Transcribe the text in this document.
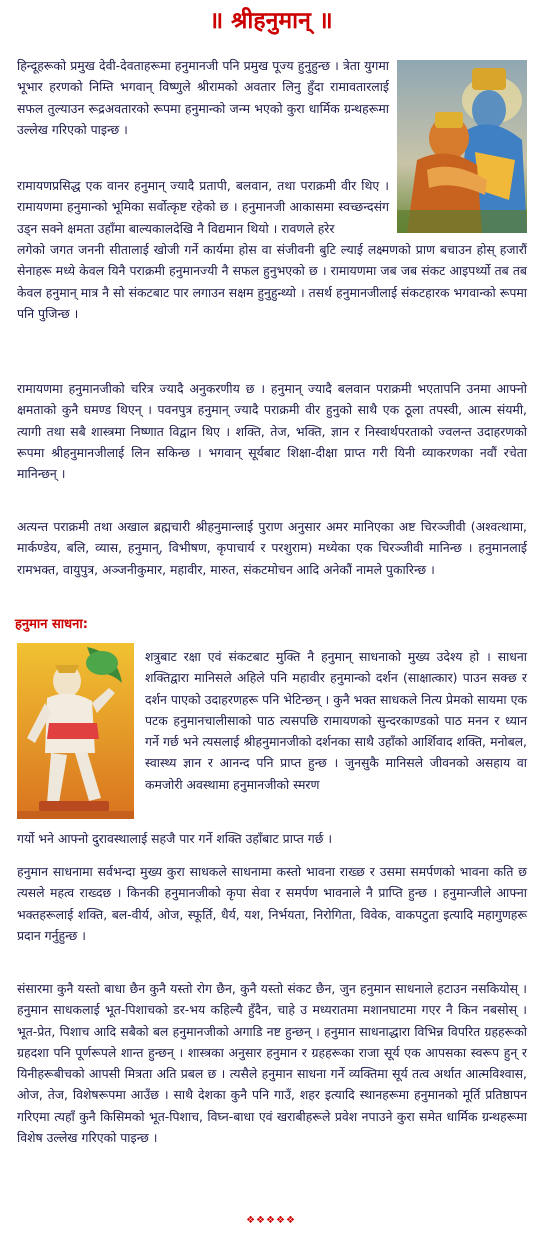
॥ श्रीहनुमान् ॥

हिन्दूहरूको प्रमुख देवी-देवताहरूमा हनुमानजी पनि प्रमुख पूज्य हुनुहुन्छ । त्रेता युगमा भूभार हरणको निम्ति भगवान् विष्णुले श्रीरामको अवतार लिनु हुँदा रामावतारलाई सफल तुल्याउन रूद्रअवतारको रूपमा हनुमान्को जन्म भएको कुरा धार्मिक ग्रन्थहरूमा उल्लेख गरिएको पाइन्छ ।

रामायणप्रसिद्ध एक वानर हनुमान् ज्यादै प्रतापी, बलवान, तथा पराक्रमी वीर थिए । रामायणमा हनुमान्को भूमिका सर्वोत्कृष्ट रहेको छ । हनुमानजी आकासमा स्वच्छन्दसंग उड्न सक्ने क्षमता उहाँमा बाल्यकालदेखि नै विद्यमान थियो । रावणले हरेर

लगेको जगत जननी सीतालाई खोजी गर्ने कार्यमा होस वा संजीवनी बुटि ल्याई लक्ष्मणको प्राण बचाउन होस् हजारौं सेनाहरू मध्ये केवल यिनै पराक्रमी हनुमानज्यी नै सफल हुनुभएको छ । रामायणमा जब जब संकट आइपर्थ्यो तब तब केवल हनुमान् मात्र नै सो संकटबाट पार लगाउन सक्षम हुनुहुन्थ्यो । तसर्थ हनुमानजीलाई संकटहारक भगवान्को रूपमा पनि पुजिन्छ ।

रामायणमा हनुमानजीको चरित्र ज्यादै अनुकरणीय छ । हनुमान् ज्यादै बलवान पराक्रमी भएतापनि उनमा आफ्नो क्षमताको कुनै घमण्ड थिएन् । पवनपुत्र हनुमान् ज्यादै पराक्रमी वीर हुनुको साथै एक ठूला तपस्वी, आत्म संयमी, त्यागी तथा सबै शास्त्रमा निष्णात विद्वान थिए । शक्ति, तेज, भक्ति, ज्ञान र निस्वार्थपरताको ज्वलन्त उदाहरणको रूपमा श्रीहनुमानजीलाई लिन सकिन्छ । भगवान् सूर्यबाट शिक्षा-दीक्षा प्राप्त गरी यिनी व्याकरणका नवौं रचेता मानिन्छन् ।

अत्यन्त पराक्रमी तथा अखाल ब्रह्मचारी श्रीहनुमान्लाई पुराण अनुसार अमर मानिएका अष्ट चिरञ्जीवी (अश्वत्थामा, मार्कण्डेय, बलि, व्यास, हनुमान्, विभीषण, कृपाचार्य र परशुराम) मध्येका एक चिरञ्जीवी मानिन्छ । हनुमानलाई रामभक्त, वायुपुत्र, अञ्जनीकुमार, महावीर, मारुत, संकटमोचन आदि अनेकौं नामले पुकारिन्छ ।

हनुमान साधना:

शत्रुबाट रक्षा एवं संकटबाट मुक्ति नै हनुमान् साधनाको मुख्य उदेश्य हो । साधना शक्तिद्वारा मानिसले अहिले पनि महावीर हनुमान्को दर्शन (साक्षात्कार) पाउन सक्छ र दर्शन पाएको उदाहरणहरू पनि भेटिन्छन् । कुनै भक्त साधकले नित्य प्रेमको सायमा एक पटक हनुमानचालीसाको पाठ त्यसपछि रामायणको सुन्दरकाण्डको पाठ मनन र ध्यान गर्ने गर्छ भने त्यसलाई श्रीहनुमानजीको दर्शनका साथै उहाँको आर्शिवाद शक्ति, मनोबल, स्वास्थ्य ज्ञान र आनन्द पनि प्राप्त हुन्छ । जुनसुकै मानिसले जीवनको असहाय वा कमजोरी अवस्थामा हनुमानजीको स्मरण

गर्यो भने आफ्नो दुरावस्थालाई सहजै पार गर्ने शक्ति उहाँबाट प्राप्त गर्छ ।

हनुमान साधनामा सर्वभन्दा मुख्य कुरा साधकले साधनामा कस्तो भावना राख्छ र उसमा समर्पणको भावना कति छ त्यसले महत्व राख्दछ । किनकी हनुमानजीको कृपा सेवा र समर्पण भावनाले नै प्राप्ति हुन्छ । हनुमान्जीले आफ्ना भक्तहरूलाई शक्ति, बल-वीर्य, ओज, स्फूर्ति, धैर्य, यश, निर्भयता, निरोगिता, विवेक, वाकपटुता इत्यादि महागुणहरू प्रदान गर्नुहुन्छ ।

संसारमा कुनै यस्तो बाधा छैन कुनै यस्तो रोग छैन, कुनै यस्तो संकट छैन, जुन हनुमान साधनाले हटाउन नसकियोस् । हनुमान साधकलाई भूत-पिशाचको डर-भय कहिल्यै हुँदैन, चाहे उ मध्यरातमा मशानघाटमा गएर नै किन नबसोस् । भूत-प्रेत, पिशाच आदि सबैको बल हनुमानजीको अगाडि नष्ट हुन्छन् । हनुमान साधनाद्धारा विभिन्न विपरित ग्रहहरूको ग्रहदशा पनि पूर्णरूपले शान्त हुन्छन् । शास्त्रका अनुसार हनुमान र ग्रहहरूका राजा सूर्य एक आपसका स्वरूप हुन् र यिनीहरूबीचको आपसी मित्रता अति प्रबल छ । त्यसैले हनुमान साधना गर्ने व्यक्तिमा सूर्य तत्व अर्थात आत्मविश्वास, ओज, तेज, विशेषरूपमा आउँछ । साथै देशका कुनै पनि गाउँ, शहर इत्यादि स्थानहरूमा हनुमानको मूर्ति प्रतिष्ठापन गरिएमा त्यहाँ कुनै किसिमको भूत-पिशाच, विघ्न-बाधा एवं खराबीहरूले प्रवेश नपाउने कुरा समेत धार्मिक ग्रन्थहरूमा विशेष उल्लेख गरिएको पाइन्छ ।

❖❖❖❖❖
